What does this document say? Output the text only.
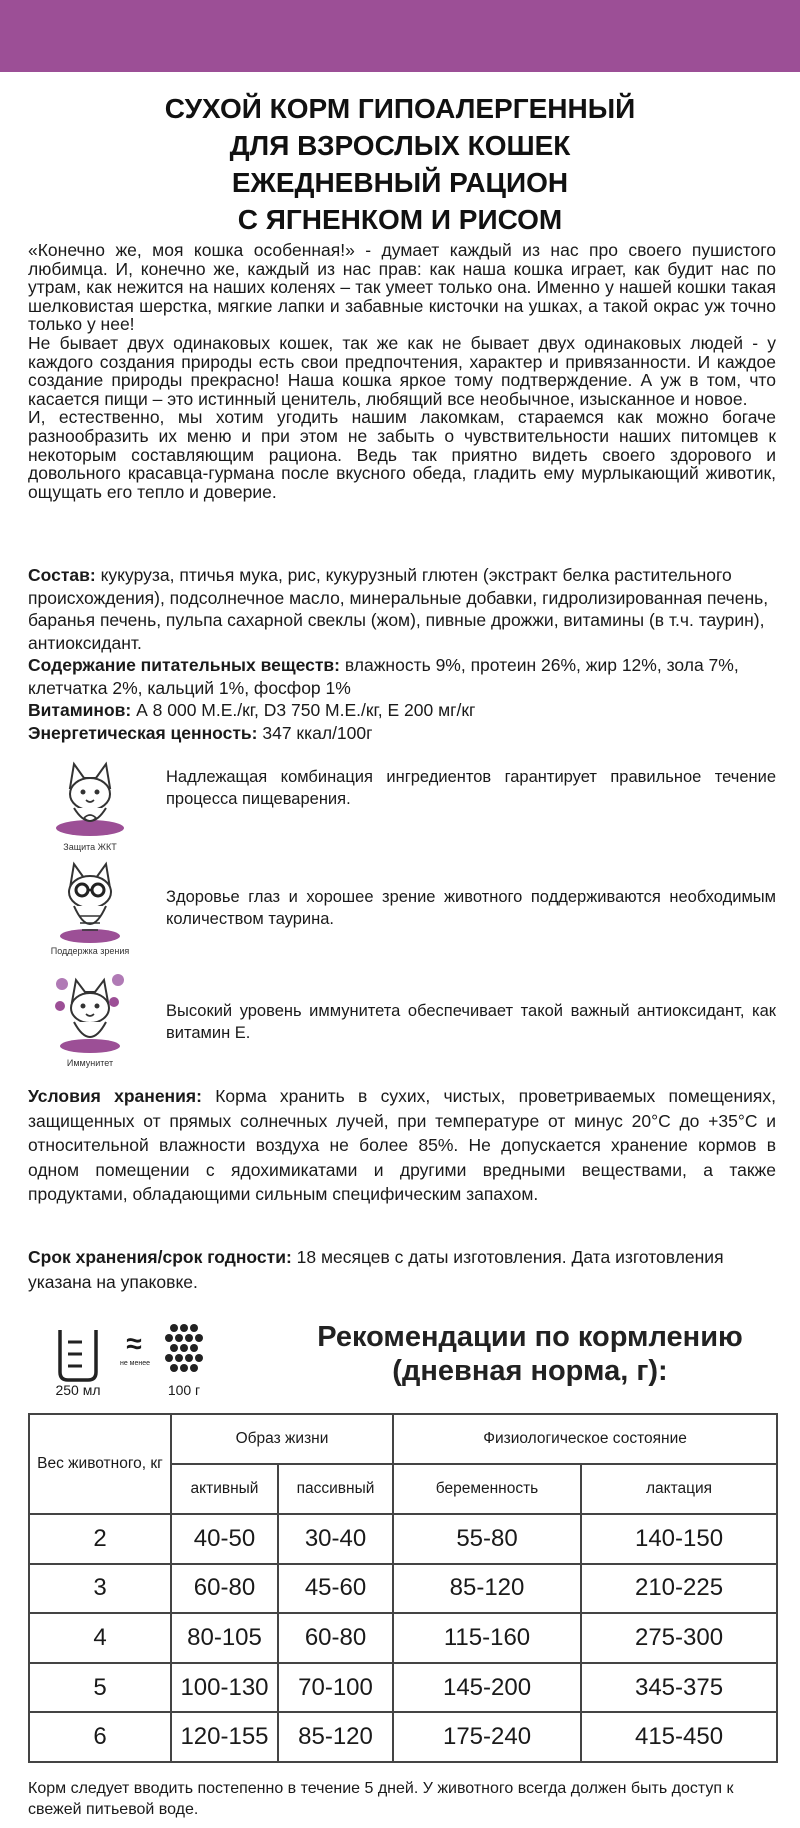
СУХОЙ КОРМ ГИПОАЛЕРГЕННЫЙ
ДЛЯ ВЗРОСЛЫХ КОШЕК
ЕЖЕДНЕВНЫЙ РАЦИОН
С ЯГНЕНКОМ И РИСОМ

«Конечно же, моя кошка особенная!» - думает каждый из нас про своего пушистого любимца. И, конечно же, каждый из нас прав: как наша кошка играет, как будит нас по утрам, как нежится на наших коленях – так умеет только она. Именно у нашей кошки такая шелковистая шерстка, мягкие лапки и забавные кисточки на ушках, а такой окрас уж точно только у нее!

Не бывает двух одинаковых кошек, так же как не бывает двух одинаковых людей - у каждого создания природы есть свои предпочтения, характер и привязанности. И каждое создание природы прекрасно! Наша кошка яркое тому подтверждение. А уж в том, что касается пищи – это истинный ценитель, любящий все необычное, изысканное и новое.

И, естественно, мы хотим угодить нашим лакомкам, стараемся как можно богаче разнообразить их меню и при этом не забыть о чувствительности наших питомцев к некоторым составляющим рациона. Ведь так приятно видеть своего здорового и довольного красавца-гурмана после вкусного обеда, гладить ему мурлыкающий животик, ощущать его тепло и доверие.

Состав: кукуруза, птичья мука, рис, кукурузный глютен (экстракт белка растительного происхождения), подсолнечное масло, минеральные добавки, гидролизированная печень, баранья печень, пульпа сахарной свеклы (жом), пивные дрожжи, витамины (в т.ч. таурин), антиоксидант.

Содержание питательных веществ: влажность 9%, протеин 26%, жир 12%, зола 7%, клетчатка 2%, кальций 1%, фосфор 1%

Витаминов: А 8 000 М.Е./кг, D3 750 М.Е./кг, Е 200 мг/кг

Энергетическая ценность: 347 ккал/100г

Защита ЖКТ
Надлежащая комбинация ингредиентов гарантирует правильное течение процесса пищеварения.
Поддержка зрения
Здоровье глаз и хорошее зрение животного поддерживаются необходимым количеством таурина.
Иммунитет
Высокий уровень иммунитета обеспечивает такой важный антиоксидант, как витамин Е.
Условия хранения: Корма хранить в сухих, чистых, проветриваемых помещениях, защищенных от прямых солнечных лучей, при температуре от минус 20°С до +35°С и относительной влажности воздуха не более 85%. Не допускается хранение кормов в одном помещении с ядохимикатами и другими вредными веществами, а также продуктами, обладающими сильным специфическим запахом.
Срок хранения/срок годности: 18 месяцев с даты изготовления. Дата изготовления указана на упаковке.
250 мл
≈
не менее
100 г
Рекомендации по кормлению
(дневная норма, г):
Вес животного, кг	Образ жизни		Физиологическое состояние	
	активный	пассивный	беременность	лактация
2	40-50	30-40	55-80	140-150
3	60-80	45-60	85-120	210-225
4	80-105	60-80	115-160	275-300
5	100-130	70-100	145-200	345-375
6	120-155	85-120	175-240	415-450
Корм следует вводить постепенно в течение 5 дней. У животного всегда должен быть доступ к свежей питьевой воде.
